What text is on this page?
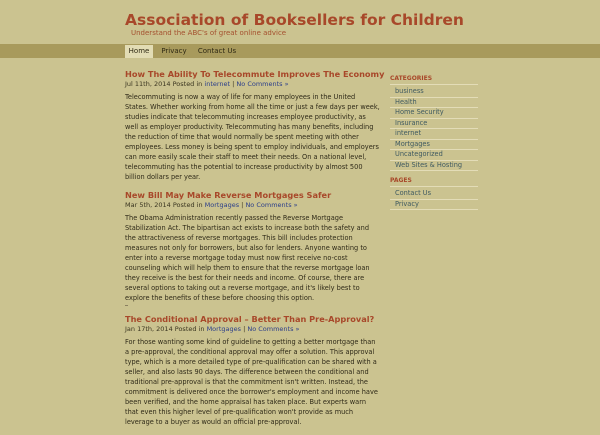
Association of Booksellers for Children
Understand the ABC's of great online advice
Home	Privacy	Contact Us
How The Ability To Telecommute Improves The Economy
Jul 11th, 2014 Posted in internet | No Comments »
Telecommuting is now a way of life for many employees in the United States. Whether working from home all the time or just a few days per week, studies indicate that telecommuting increases employee productivity, as well as employer productivity. Telecommuting has many benefits, including the reduction of time that would normally be spent meeting with other employees. Less money is being spent to employ individuals, and employers can more easily scale their staff to meet their needs. On a national level, telecommuting has the potential to increase productivity by almost 500 billion dollars per year.
New Bill May Make Reverse Mortgages Safer
Mar 5th, 2014 Posted in Mortgages | No Comments »
The Obama Administration recently passed the Reverse Mortgage Stabilization Act. The bipartisan act exists to increase both the safety and the attractiveness of reverse mortgages. This bill includes protection measures not only for borrowers, but also for lenders. Anyone wanting to enter into a reverse mortgage today must now first receive no-cost counseling which will help them to ensure that the reverse mortgage loan they receive is the best for their needs and income. Of course, there are several options to taking out a reverse mortgage, and it's likely best to explore the benefits of these before choosing this option.
The Conditional Approval – Better Than Pre-Approval?
Jan 17th, 2014 Posted in Mortgages | No Comments »
For those wanting some kind of guideline to getting a better mortgage than a pre-approval, the conditional approval may offer a solution. This approval type, which is a more detailed type of pre-qualification can be shared with a seller, and also lasts 90 days. The difference between the conditional and traditional pre-approval is that the commitment isn't written. Instead, the commitment is delivered once the borrower's employment and income have been verified, and the home appraisal has taken place. But experts warn that even this higher level of pre-qualification won't provide as much leverage to a buyer as would an official pre-approval.
CATEGORIES
business
Health
Home Security
Insurance
internet
Mortgages
Uncategorized
Web Sites & Hosting
PAGES
Contact Us
Privacy
